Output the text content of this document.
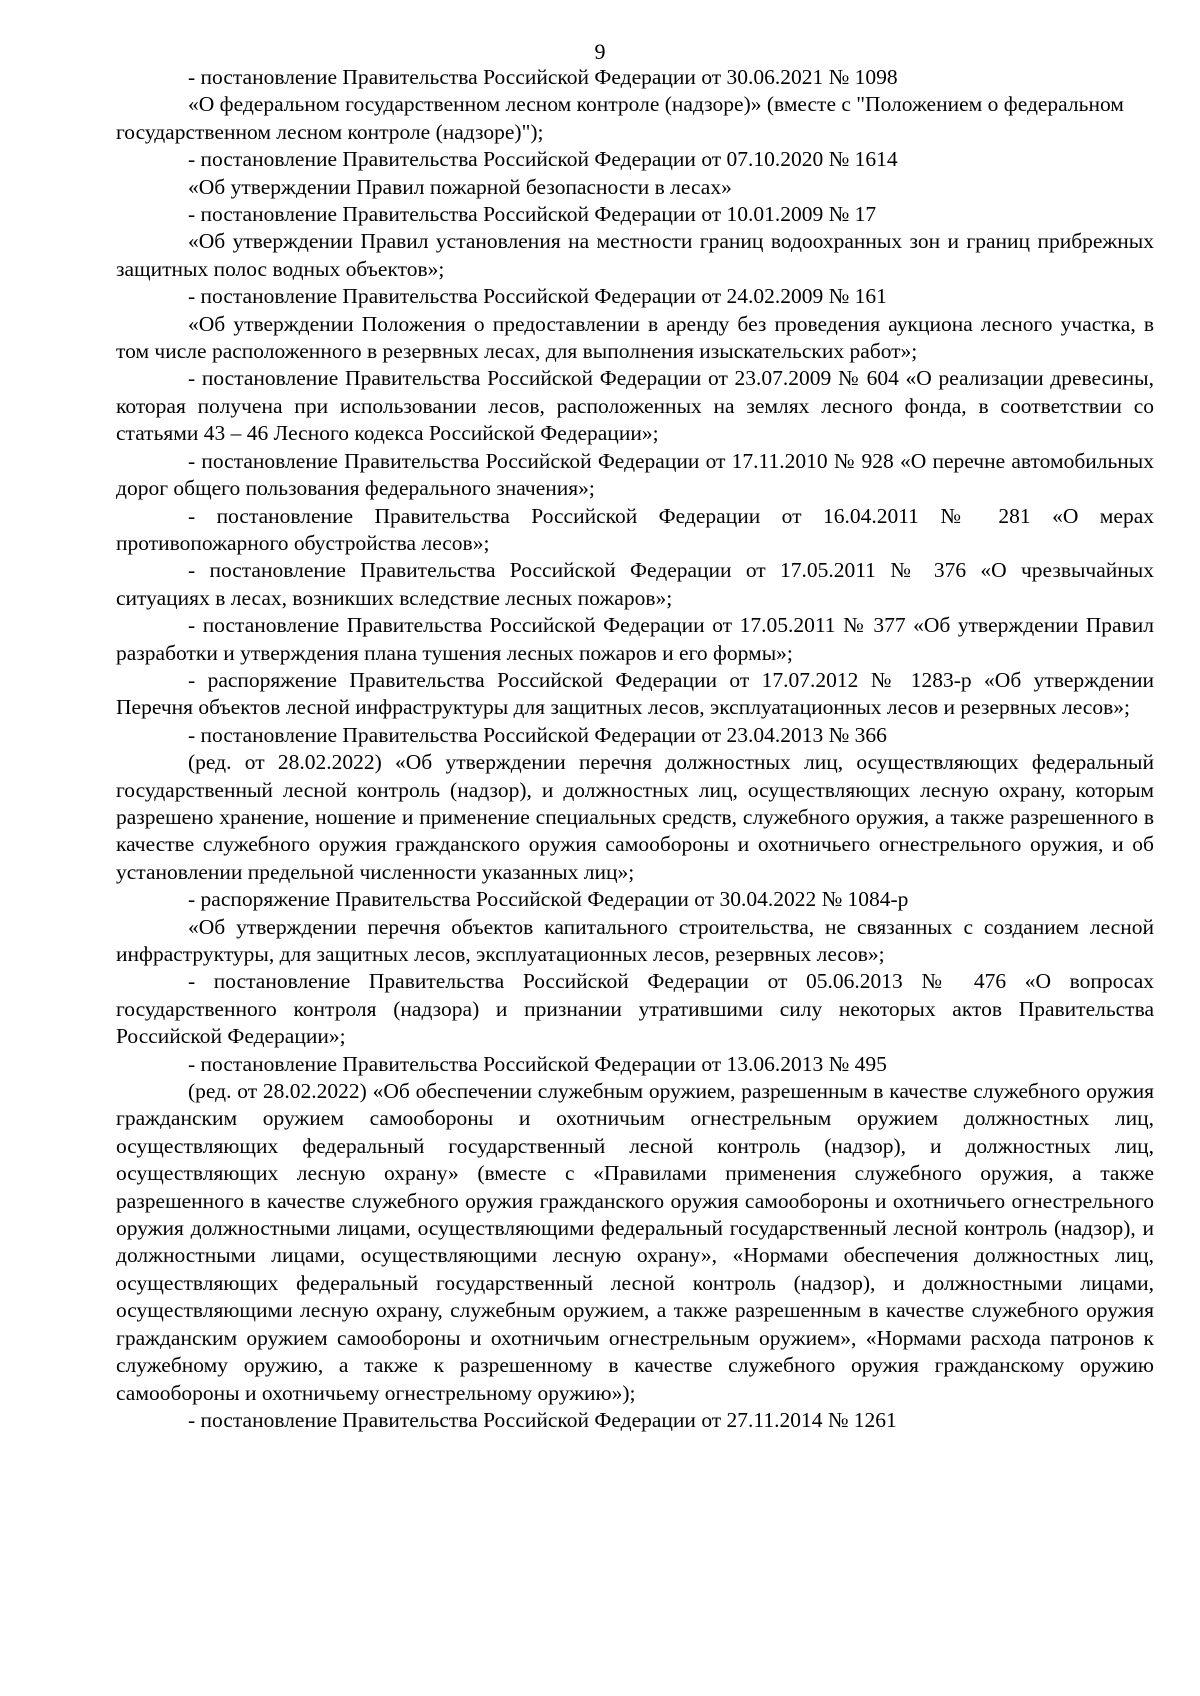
9

- постановление Правительства Российской Федерации от 30.06.2021 № 1098

«О федеральном государственном лесном контроле (надзоре)» (вместе с "Положением о федеральном государственном лесном контроле (надзоре)");

- постановление Правительства Российской Федерации от 07.10.2020 № 1614

«Об утверждении Правил пожарной безопасности в лесах»

- постановление Правительства Российской Федерации от 10.01.2009 № 17

«Об утверждении Правил установления на местности границ водоохранных зон и границ прибрежных защитных полос водных объектов»;

- постановление Правительства Российской Федерации от 24.02.2009 № 161

«Об утверждении Положения о предоставлении в аренду без проведения аукциона лесного участка, в том числе расположенного в резервных лесах, для выполнения изыскательских работ»;

- постановление Правительства Российской Федерации от 23.07.2009 № 604 «О реализации древесины, которая получена при использовании лесов, расположенных на землях лесного фонда, в соответствии со статьями 43 – 46 Лесного кодекса Российской Федерации»;

- постановление Правительства Российской Федерации от 17.11.2010 № 928 «О перечне автомобильных дорог общего пользования федерального значения»;

- постановление Правительства Российской Федерации от 16.04.2011 № 281 «О мерах противопожарного обустройства лесов»;

- постановление Правительства Российской Федерации от 17.05.2011 № 376 «О чрезвычайных ситуациях в лесах, возникших вследствие лесных пожаров»;

- постановление Правительства Российской Федерации от 17.05.2011 № 377 «Об утверждении Правил разработки и утверждения плана тушения лесных пожаров и его формы»;

- распоряжение Правительства Российской Федерации от 17.07.2012 № 1283-р «Об утверждении Перечня объектов лесной инфраструктуры для защитных лесов, эксплуатационных лесов и резервных лесов»;

- постановление Правительства Российской Федерации от 23.04.2013 № 366

(ред. от 28.02.2022) «Об утверждении перечня должностных лиц, осуществляющих федеральный государственный лесной контроль (надзор), и должностных лиц, осуществляющих лесную охрану, которым разрешено хранение, ношение и применение специальных средств, служебного оружия, а также разрешенного в качестве служебного оружия гражданского оружия самообороны и охотничьего огнестрельного оружия, и об установлении предельной численности указанных лиц»;

- распоряжение Правительства Российской Федерации от 30.04.2022 № 1084-р

«Об утверждении перечня объектов капитального строительства, не связанных с созданием лесной инфраструктуры, для защитных лесов, эксплуатационных лесов, резервных лесов»;

- постановление Правительства Российской Федерации от 05.06.2013 № 476 «О вопросах государственного контроля (надзора) и признании утратившими силу некоторых актов Правительства Российской Федерации»;

- постановление Правительства Российской Федерации от 13.06.2013 № 495

(ред. от 28.02.2022) «Об обеспечении служебным оружием, разрешенным в качестве служебного оружия гражданским оружием самообороны и охотничьим огнестрельным оружием должностных лиц, осуществляющих федеральный государственный лесной контроль (надзор), и должностных лиц, осуществляющих лесную охрану» (вместе с «Правилами применения служебного оружия, а также разрешенного в качестве служебного оружия гражданского оружия самообороны и охотничьего огнестрельного оружия должностными лицами, осуществляющими федеральный государственный лесной контроль (надзор), и должностными лицами, осуществляющими лесную охрану», «Нормами обеспечения должностных лиц, осуществляющих федеральный государственный лесной контроль (надзор), и должностными лицами, осуществляющими лесную охрану, служебным оружием, а также разрешенным в качестве служебного оружия гражданским оружием самообороны и охотничьим огнестрельным оружием», «Нормами расхода патронов к служебному оружию, а также к разрешенному в качестве служебного оружия гражданскому оружию самообороны и охотничьему огнестрельному оружию»);

- постановление Правительства Российской Федерации от 27.11.2014 № 1261
